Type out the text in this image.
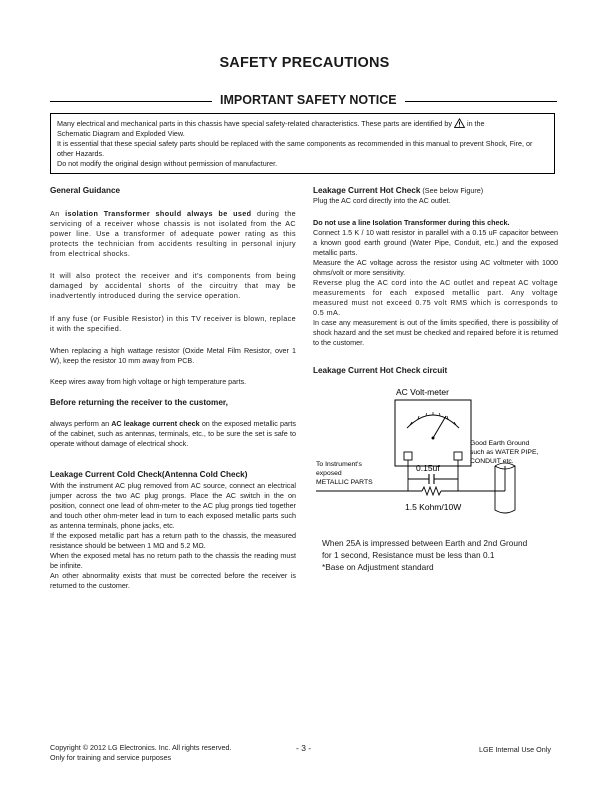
SAFETY PRECAUTIONS
IMPORTANT SAFETY NOTICE

Many electrical and mechanical parts in this chassis have special safety-related characteristics. These parts are identified by in the
Schematic Diagram and Exploded View.

It is essential that these special safety parts should be replaced with the same components as recommended in this manual to prevent Shock, Fire, or other Hazards.

Do not modify the original design without permission of manufacturer.

General Guidance

An isolation Transformer should always be used during the servicing of a receiver whose chassis is not isolated from the AC power line. Use a transformer of adequate power rating as this protects the technician from accidents resulting in personal injury from electrical shocks.

It will also protect the receiver and it's components from being damaged by accidental shorts of the circuitry that may be inadvertently introduced during the service operation.

If any fuse (or Fusible Resistor) in this TV receiver is blown, replace it with the specified.

When replacing a high wattage resistor (Oxide Metal Film Resistor, over 1 W), keep the resistor 10 mm away from PCB.

Keep wires away from high voltage or high temperature parts.

Before returning the receiver to the customer,

always perform an AC leakage current check on the exposed metallic parts of the cabinet, such as antennas, terminals, etc., to be sure the set is safe to operate without damage of electrical shock.

Leakage Current Cold Check(Antenna Cold Check)

With the instrument AC plug removed from AC source, connect an electrical jumper across the two AC plug prongs. Place the AC switch in the on position, connect one lead of ohm-meter to the AC plug prongs tied together and touch other ohm-meter lead in turn to each exposed metallic parts such as antenna terminals, phone jacks, etc.

If the exposed metallic part has a return path to the chassis, the measured resistance should be between 1 MΩ and 5.2 MΩ.

When the exposed metal has no return path to the chassis the reading must be infinite.

An other abnormality exists that must be corrected before the receiver is returned to the customer.

Leakage Current Hot Check (See below Figure)

Plug the AC cord directly into the AC outlet.

Do not use a line Isolation Transformer during this check.

Connect 1.5 K / 10 watt resistor in parallel with a 0.15 uF capacitor between a known good earth ground (Water Pipe, Conduit, etc.) and the exposed metallic parts.

Measure the AC voltage across the resistor using AC voltmeter with 1000 ohms/volt or more sensitivity.

Reverse plug the AC cord into the AC outlet and repeat AC voltage measurements for each exposed metallic part. Any voltage measured must not exceed 0.75 volt RMS which is corresponds to 0.5 mA.

In case any measurement is out of the limits specified, there is possibility of shock hazard and the set must be checked and repaired before it is returned to the customer.

Leakage Current Hot Check circuit
AC Volt-meter
0.15uf
1.5 Kohm/10W
Good Earth Ground
such as WATER PIPE,
CONDUIT etc.
To Instrument's
exposed
METALLIC PARTS
When 25A is impressed between Earth and 2nd Ground
for 1 second, Resistance must be less than 0.1
*Base on Adjustment standard
Copyright © 2012 LG Electronics. Inc. All rights reserved.
Only for training and service purposes
- 3 -	LGE Internal Use Only
